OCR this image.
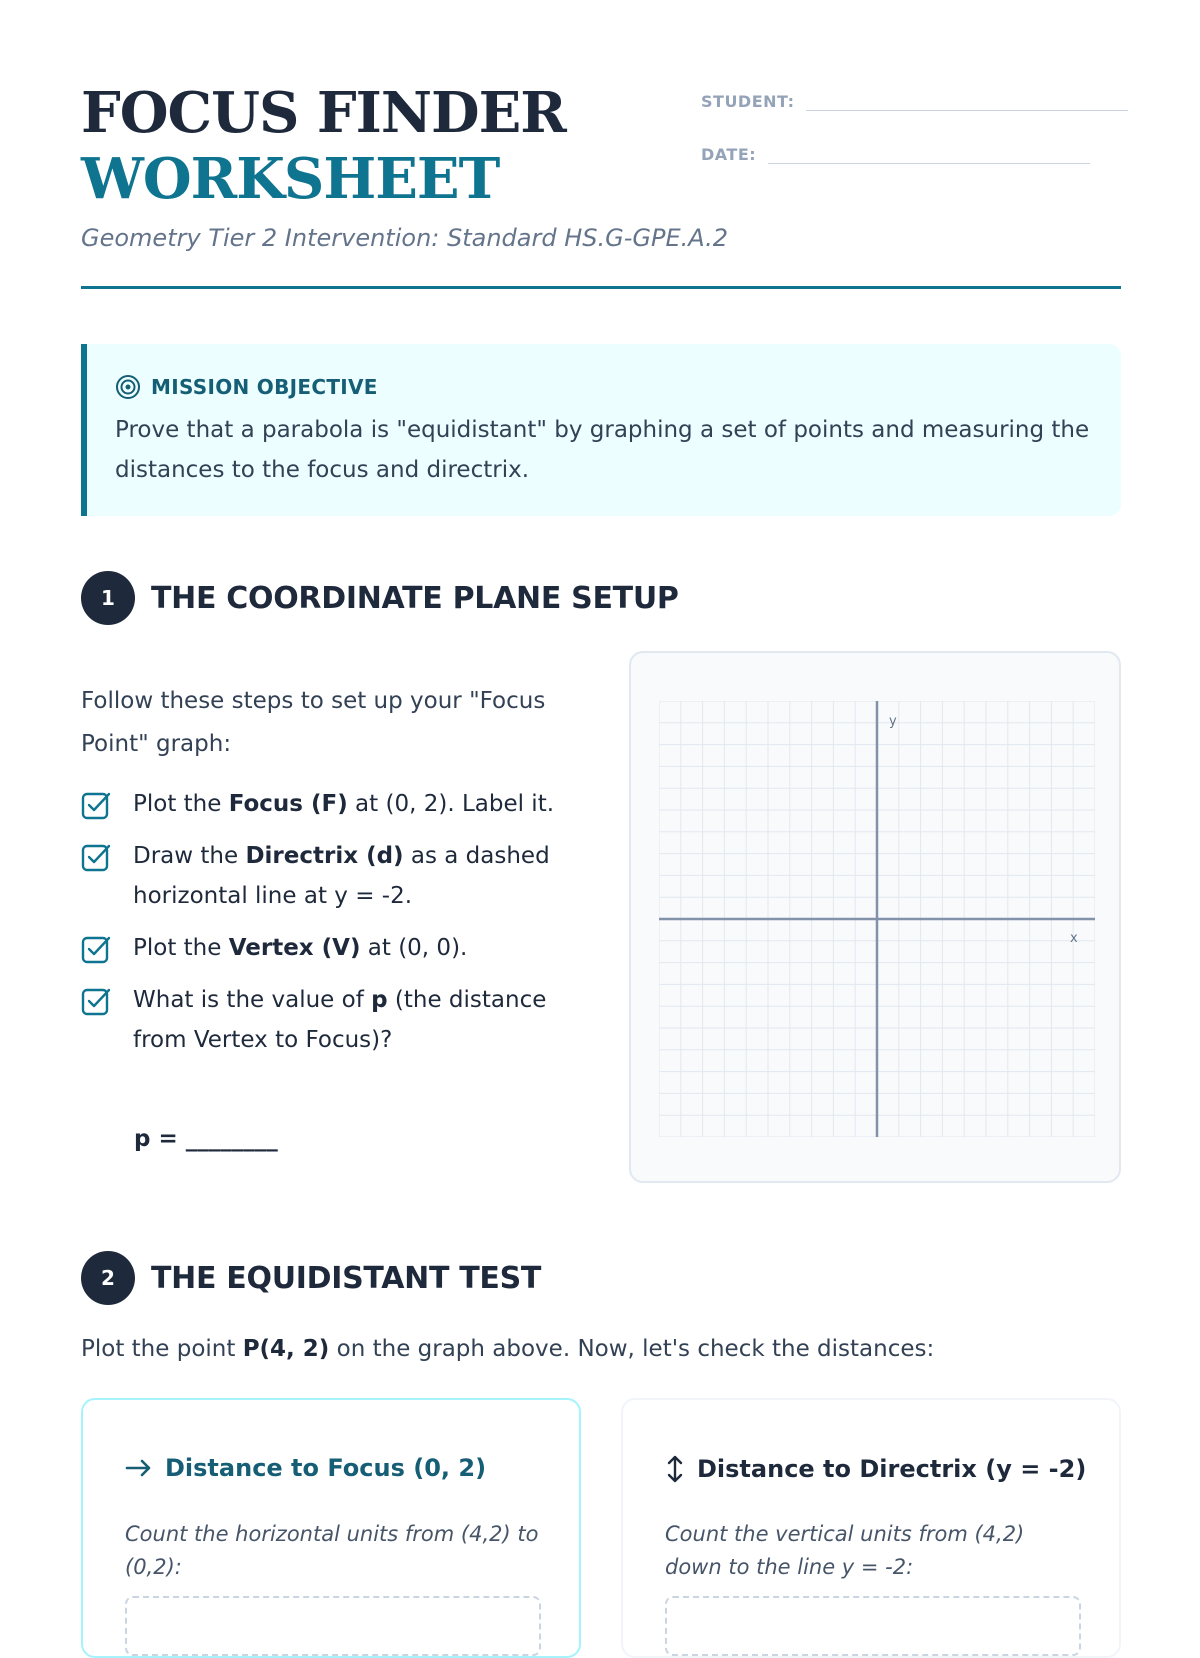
FOCUS FINDER
WORKSHEET
Geometry Tier 2 Intervention: Standard HS.G-GPE.A.2
STUDENT:
DATE:
MISSION OBJECTIVE
Prove that a parabola is "equidistant" by graphing a set of points and measuring the distances to the focus and directrix.
1	THE COORDINATE PLANE SETUP
Follow these steps to set up your "Focus Point" graph:
Plot the Focus (F) at (0, 2). Label it.
Draw the Directrix (d) as a dashed horizontal line at y = -2.
Plot the Vertex (V) at (0, 0).
What is the value of p (the distance from Vertex to Focus)?
p = ________
x
y
2	THE EQUIDISTANT TEST
Plot the point P(4, 2) on the graph above. Now, let's check the distances:
Distance to Focus (0, 2)
Count the horizontal units from (4,2) to (0,2):
Distance to Directrix (y = -2)
Count the vertical units from (4,2) down to the line y = -2:
